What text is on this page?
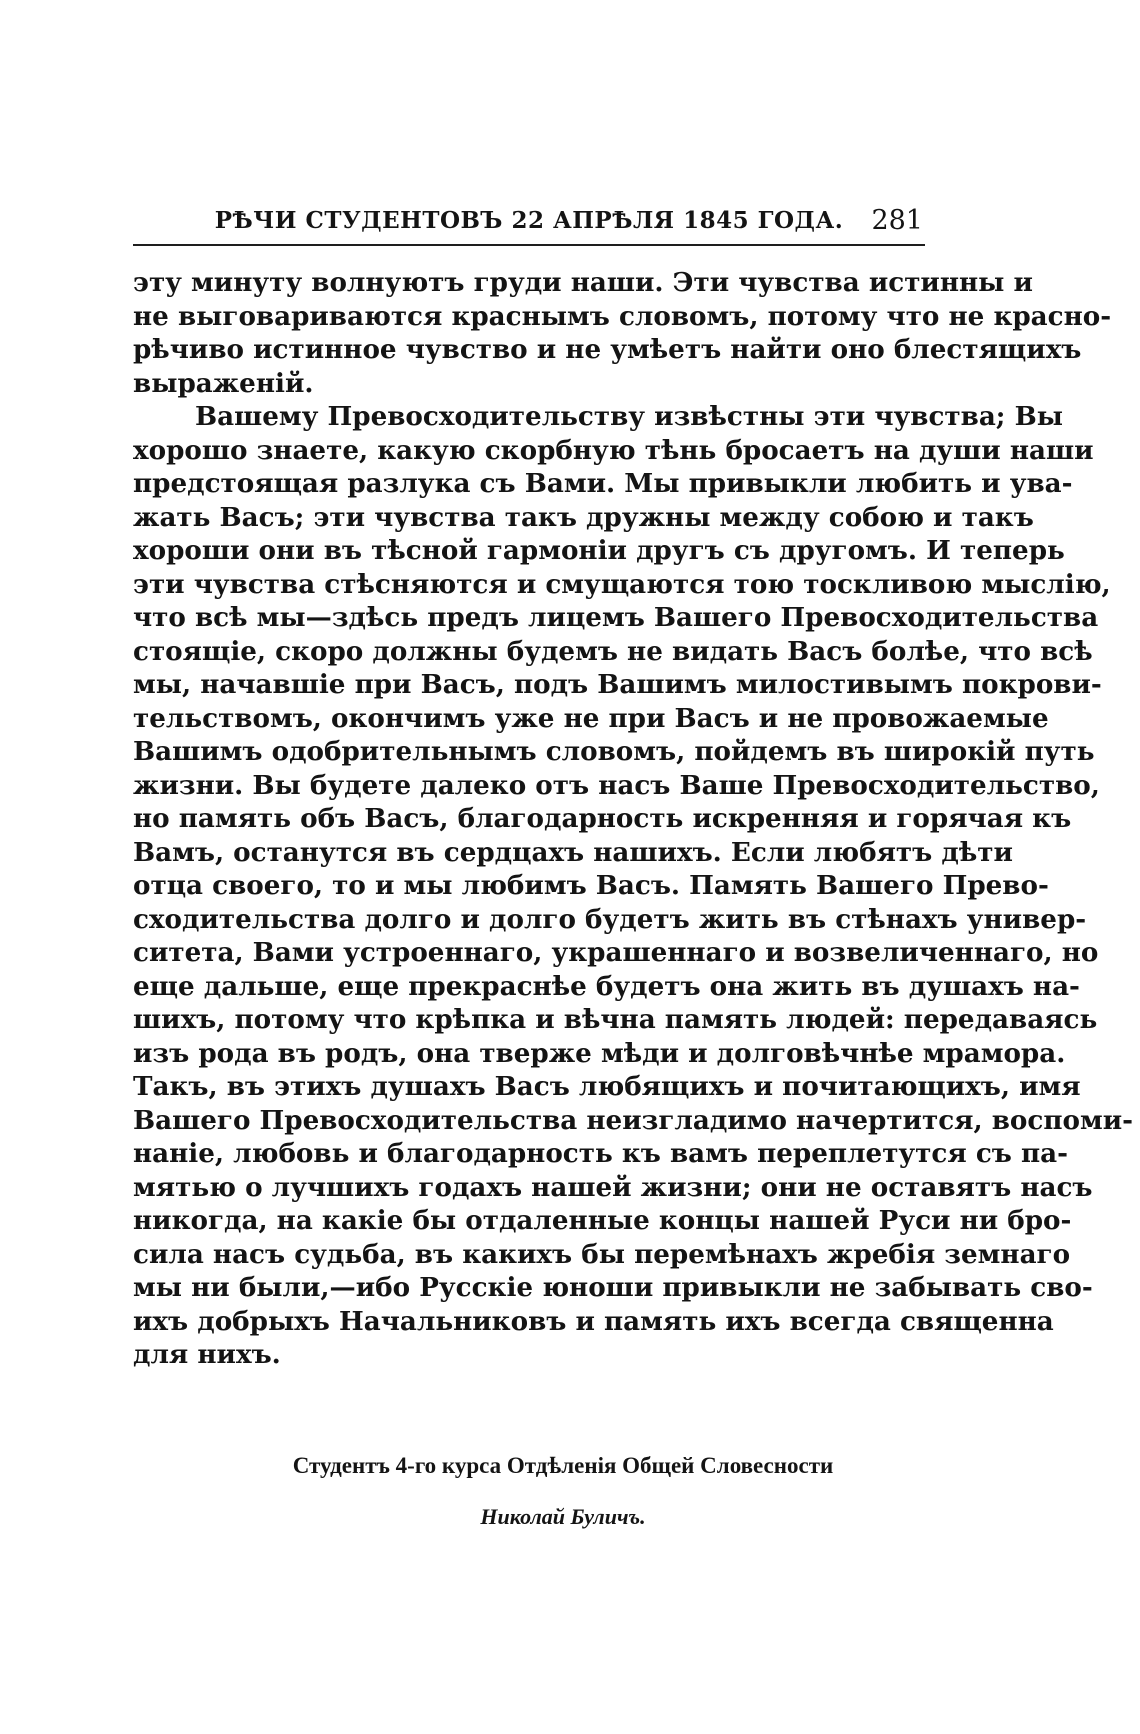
РѢЧИ СТУДЕНТОВЪ 22 АПРѢЛЯ 1845 ГОДА.	281
эту минуту волнуютъ груди наши. Эти чувства истинны и
не выговариваются краснымъ словомъ, потому что не красно-
рѣчиво истинное чувство и не умѣетъ найти оно блестящихъ
выраженій.
Вашему Превосходительству извѣстны эти чувства; Вы
хорошо знаете, какую скорбную тѣнь бросаетъ на души наши
предстоящая разлука съ Вами. Мы привыкли любить и ува-
жать Васъ; эти чувства такъ дружны между собою и такъ
хороши они въ тѣсной гармоніи другъ съ другомъ. И теперь
эти чувства стѣсняются и смущаются тою тоскливою мыслію,
что всѣ мы—здѣсь предъ лицемъ Вашего Превосходительства
стоящіе, скоро должны будемъ не видать Васъ болѣе, что всѣ
мы, начавшіе при Васъ, подъ Вашимъ милостивымъ покрови-
тельствомъ, окончимъ уже не при Васъ и не провожаемые
Вашимъ одобрительнымъ словомъ, пойдемъ въ широкій путь
жизни. Вы будете далеко отъ насъ Ваше Превосходительство,
но память объ Васъ, благодарность искренняя и горячая къ
Вамъ, останутся въ сердцахъ нашихъ. Если любятъ дѣти
отца своего, то и мы любимъ Васъ. Память Вашего Прево-
сходительства долго и долго будетъ жить въ стѣнахъ универ-
ситета, Вами устроеннаго, украшеннаго и возвеличеннаго, но
еще дальше, еще прекраснѣе будетъ она жить въ душахъ на-
шихъ, потому что крѣпка и вѣчна память людей: передаваясь
изъ рода въ родъ, она тверже мѣди и долговѣчнѣе мрамора.
Такъ, въ этихъ душахъ Васъ любящихъ и почитающихъ, имя
Вашего Превосходительства неизгладимо начертится, воспоми-
наніе, любовь и благодарность къ вамъ переплетутся съ па-
мятью о лучшихъ годахъ нашей жизни; они не оставятъ насъ
никогда, на какіе бы отдаленные концы нашей Руси ни бро-
сила насъ судьба, въ какихъ бы перемѣнахъ жребія земнаго
мы ни были,—ибо Русскіе юноши привыкли не забывать сво-
ихъ добрыхъ Начальниковъ и память ихъ всегда священна
для нихъ.
Студентъ 4-го курса Отдѣленія Общей Словесности
Николай Буличъ.
